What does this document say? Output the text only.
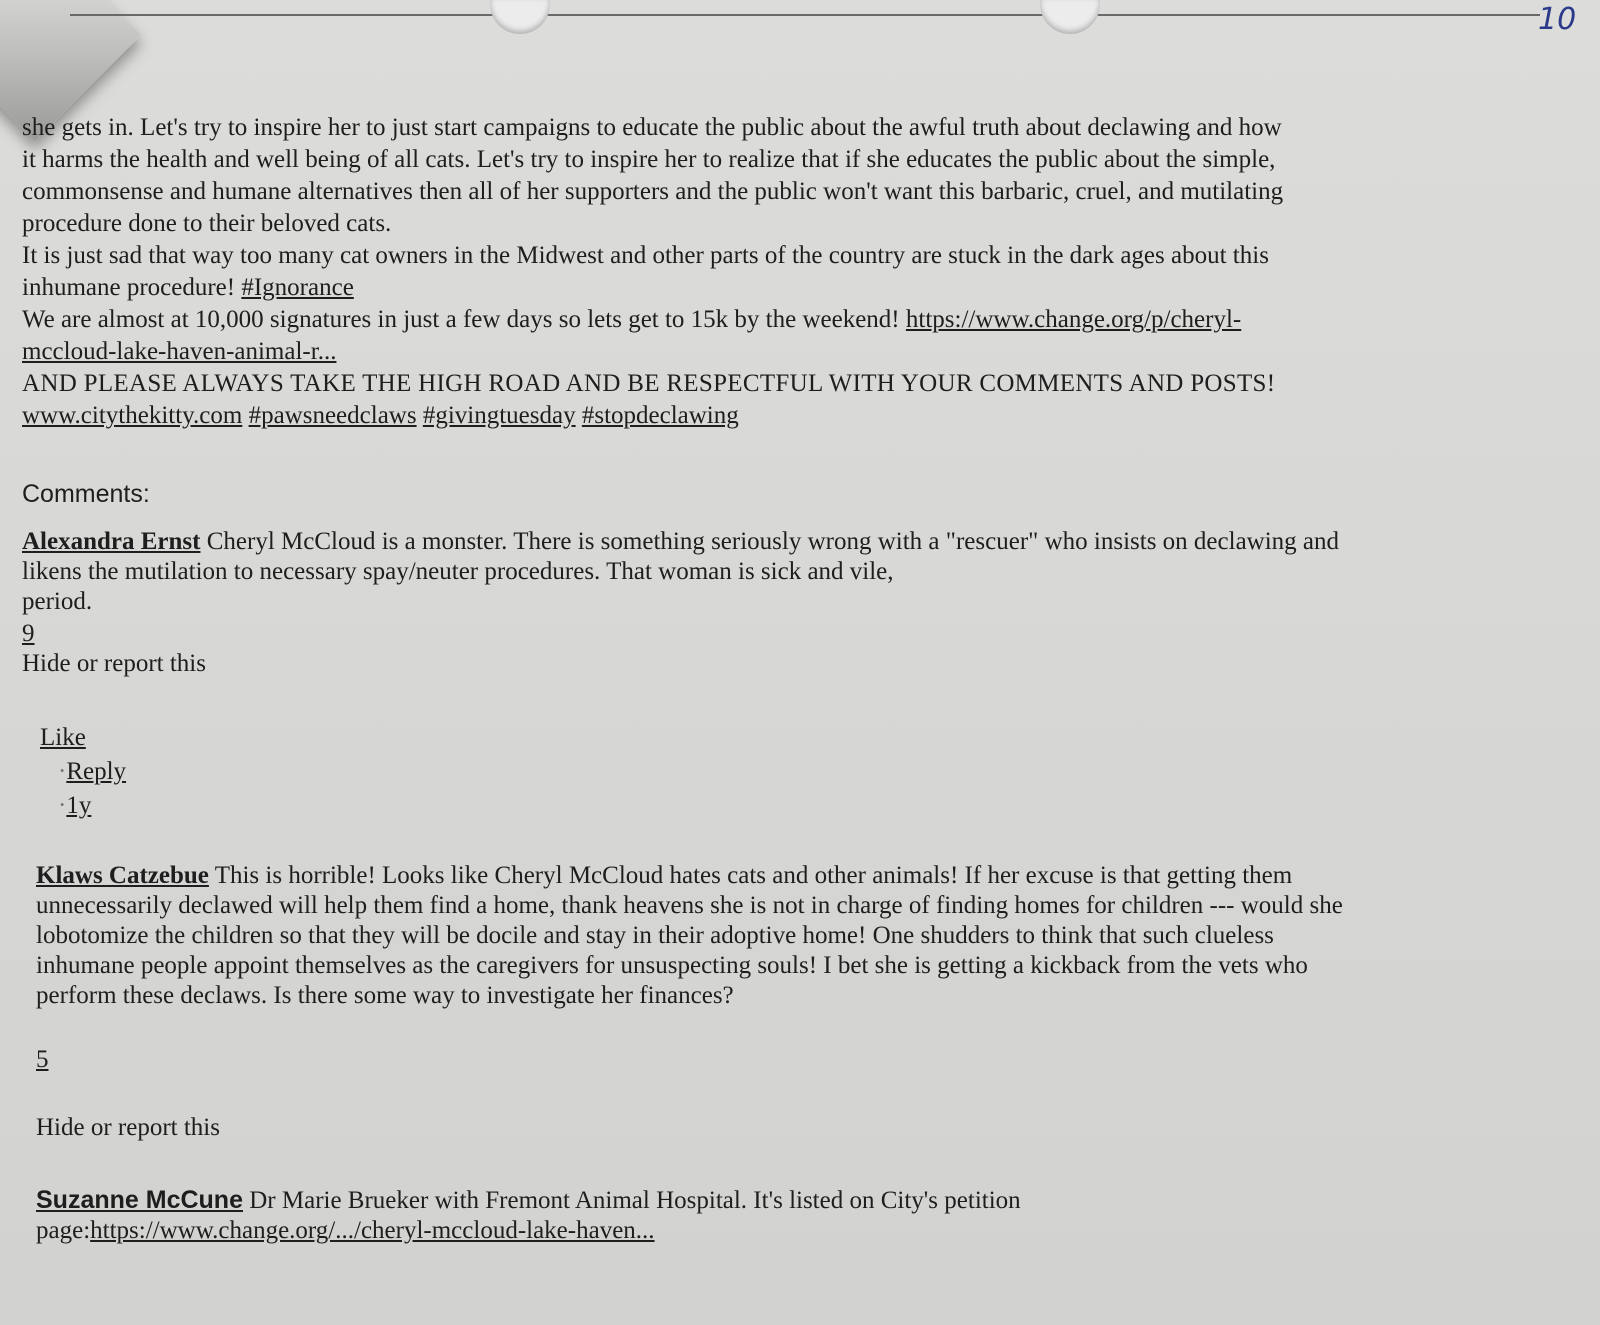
10

she gets in. Let's try to inspire her to just start campaigns to educate the public about the awful truth about declawing and how

it harms the health and well being of all cats. Let's try to inspire her to realize that if she educates the public about the simple,

commonsense and humane alternatives then all of her supporters and the public won't want this barbaric, cruel, and mutilating

procedure done to their beloved cats.

It is just sad that way too many cat owners in the Midwest and other parts of the country are stuck in the dark ages about this

inhumane procedure! #Ignorance

We are almost at 10,000 signatures in just a few days so lets get to 15k by the weekend! https://www.change.org/p/cheryl-

mccloud-lake-haven-animal-r...

AND PLEASE ALWAYS TAKE THE HIGH ROAD AND BE RESPECTFUL WITH YOUR COMMENTS AND POSTS!

www.citythekitty.com #pawsneedclaws #givingtuesday #stopdeclawing

Comments:
Alexandra Ernst Cheryl McCloud is a monster. There is something seriously wrong with a "rescuer" who insists on declawing and
likens the mutilation to necessary spay/neuter procedures. That woman is sick and vile,
period.
9
Hide or report this
Like
· Reply
· 1y
Klaws Catzebue This is horrible! Looks like Cheryl McCloud hates cats and other animals! If her excuse is that getting them
unnecessarily declawed will help them find a home, thank heavens she is not in charge of finding homes for children --- would she
lobotomize the children so that they will be docile and stay in their adoptive home! One shudders to think that such clueless
inhumane people appoint themselves as the caregivers for unsuspecting souls! I bet she is getting a kickback from the vets who
perform these declaws. Is there some way to investigate her finances?
5
Hide or report this
Suzanne McCune Dr Marie Brueker with Fremont Animal Hospital. It's listed on City's petition
page:https://www.change.org/.../cheryl-mccloud-lake-haven...
